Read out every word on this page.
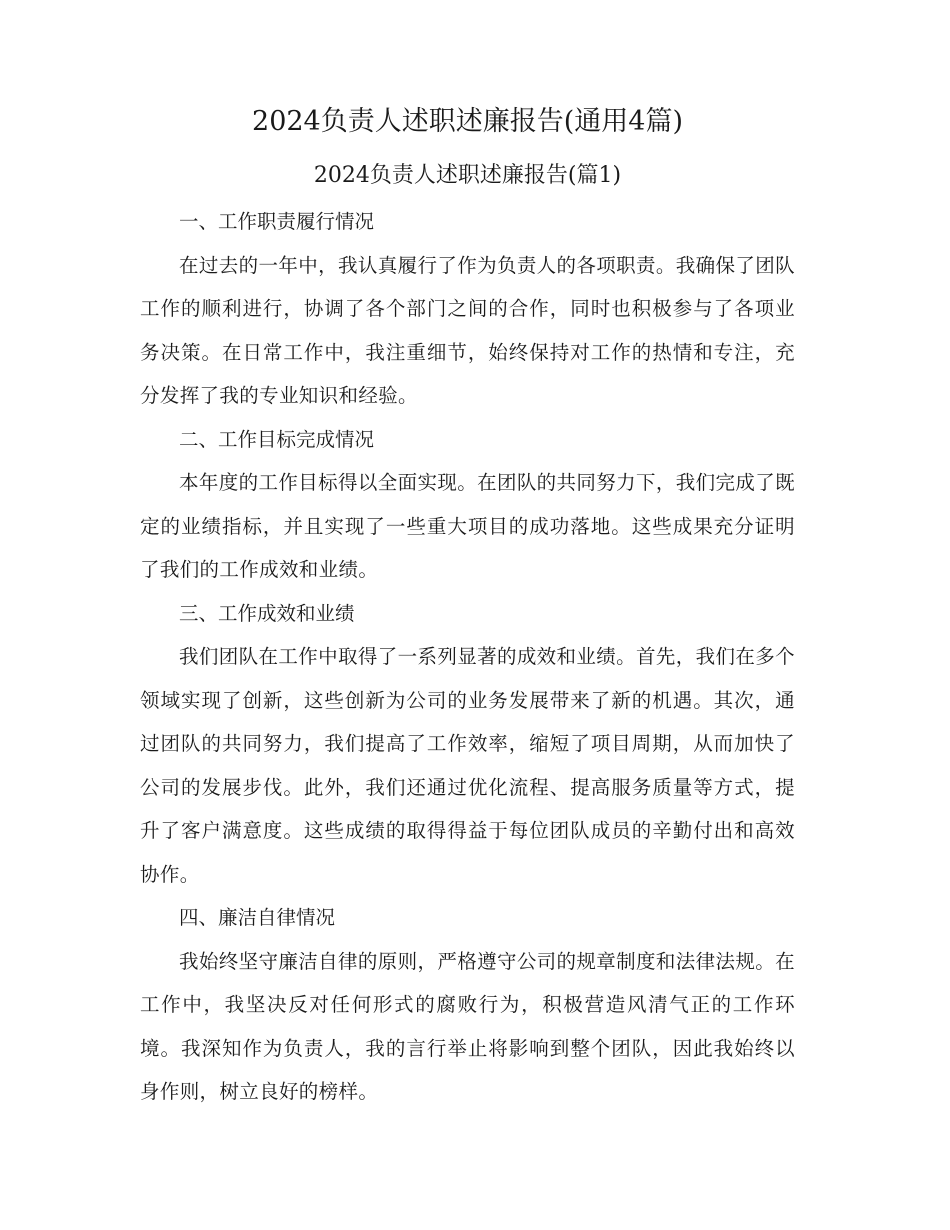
2024负责人述职述廉报告(通用4篇)
2024负责人述职述廉报告(篇1)

一、工作职责履行情况

在过去的一年中，我认真履行了作为负责人的各项职责。我确保了团队工作的顺利进行，协调了各个部门之间的合作，同时也积极参与了各项业务决策。在日常工作中，我注重细节，始终保持对工作的热情和专注，充分发挥了我的专业知识和经验。

二、工作目标完成情况

本年度的工作目标得以全面实现。在团队的共同努力下，我们完成了既定的业绩指标，并且实现了一些重大项目的成功落地。这些成果充分证明了我们的工作成效和业绩。

三、工作成效和业绩

我们团队在工作中取得了一系列显著的成效和业绩。首先，我们在多个领域实现了创新，这些创新为公司的业务发展带来了新的机遇。其次，通过团队的共同努力，我们提高了工作效率，缩短了项目周期，从而加快了公司的发展步伐。此外，我们还通过优化流程、提高服务质量等方式，提升了客户满意度。这些成绩的取得得益于每位团队成员的辛勤付出和高效协作。

四、廉洁自律情况

我始终坚守廉洁自律的原则，严格遵守公司的规章制度和法律法规。在工作中，我坚决反对任何形式的腐败行为，积极营造风清气正的工作环境。我深知作为负责人，我的言行举止将影响到整个团队，因此我始终以身作则，树立良好的榜样。
